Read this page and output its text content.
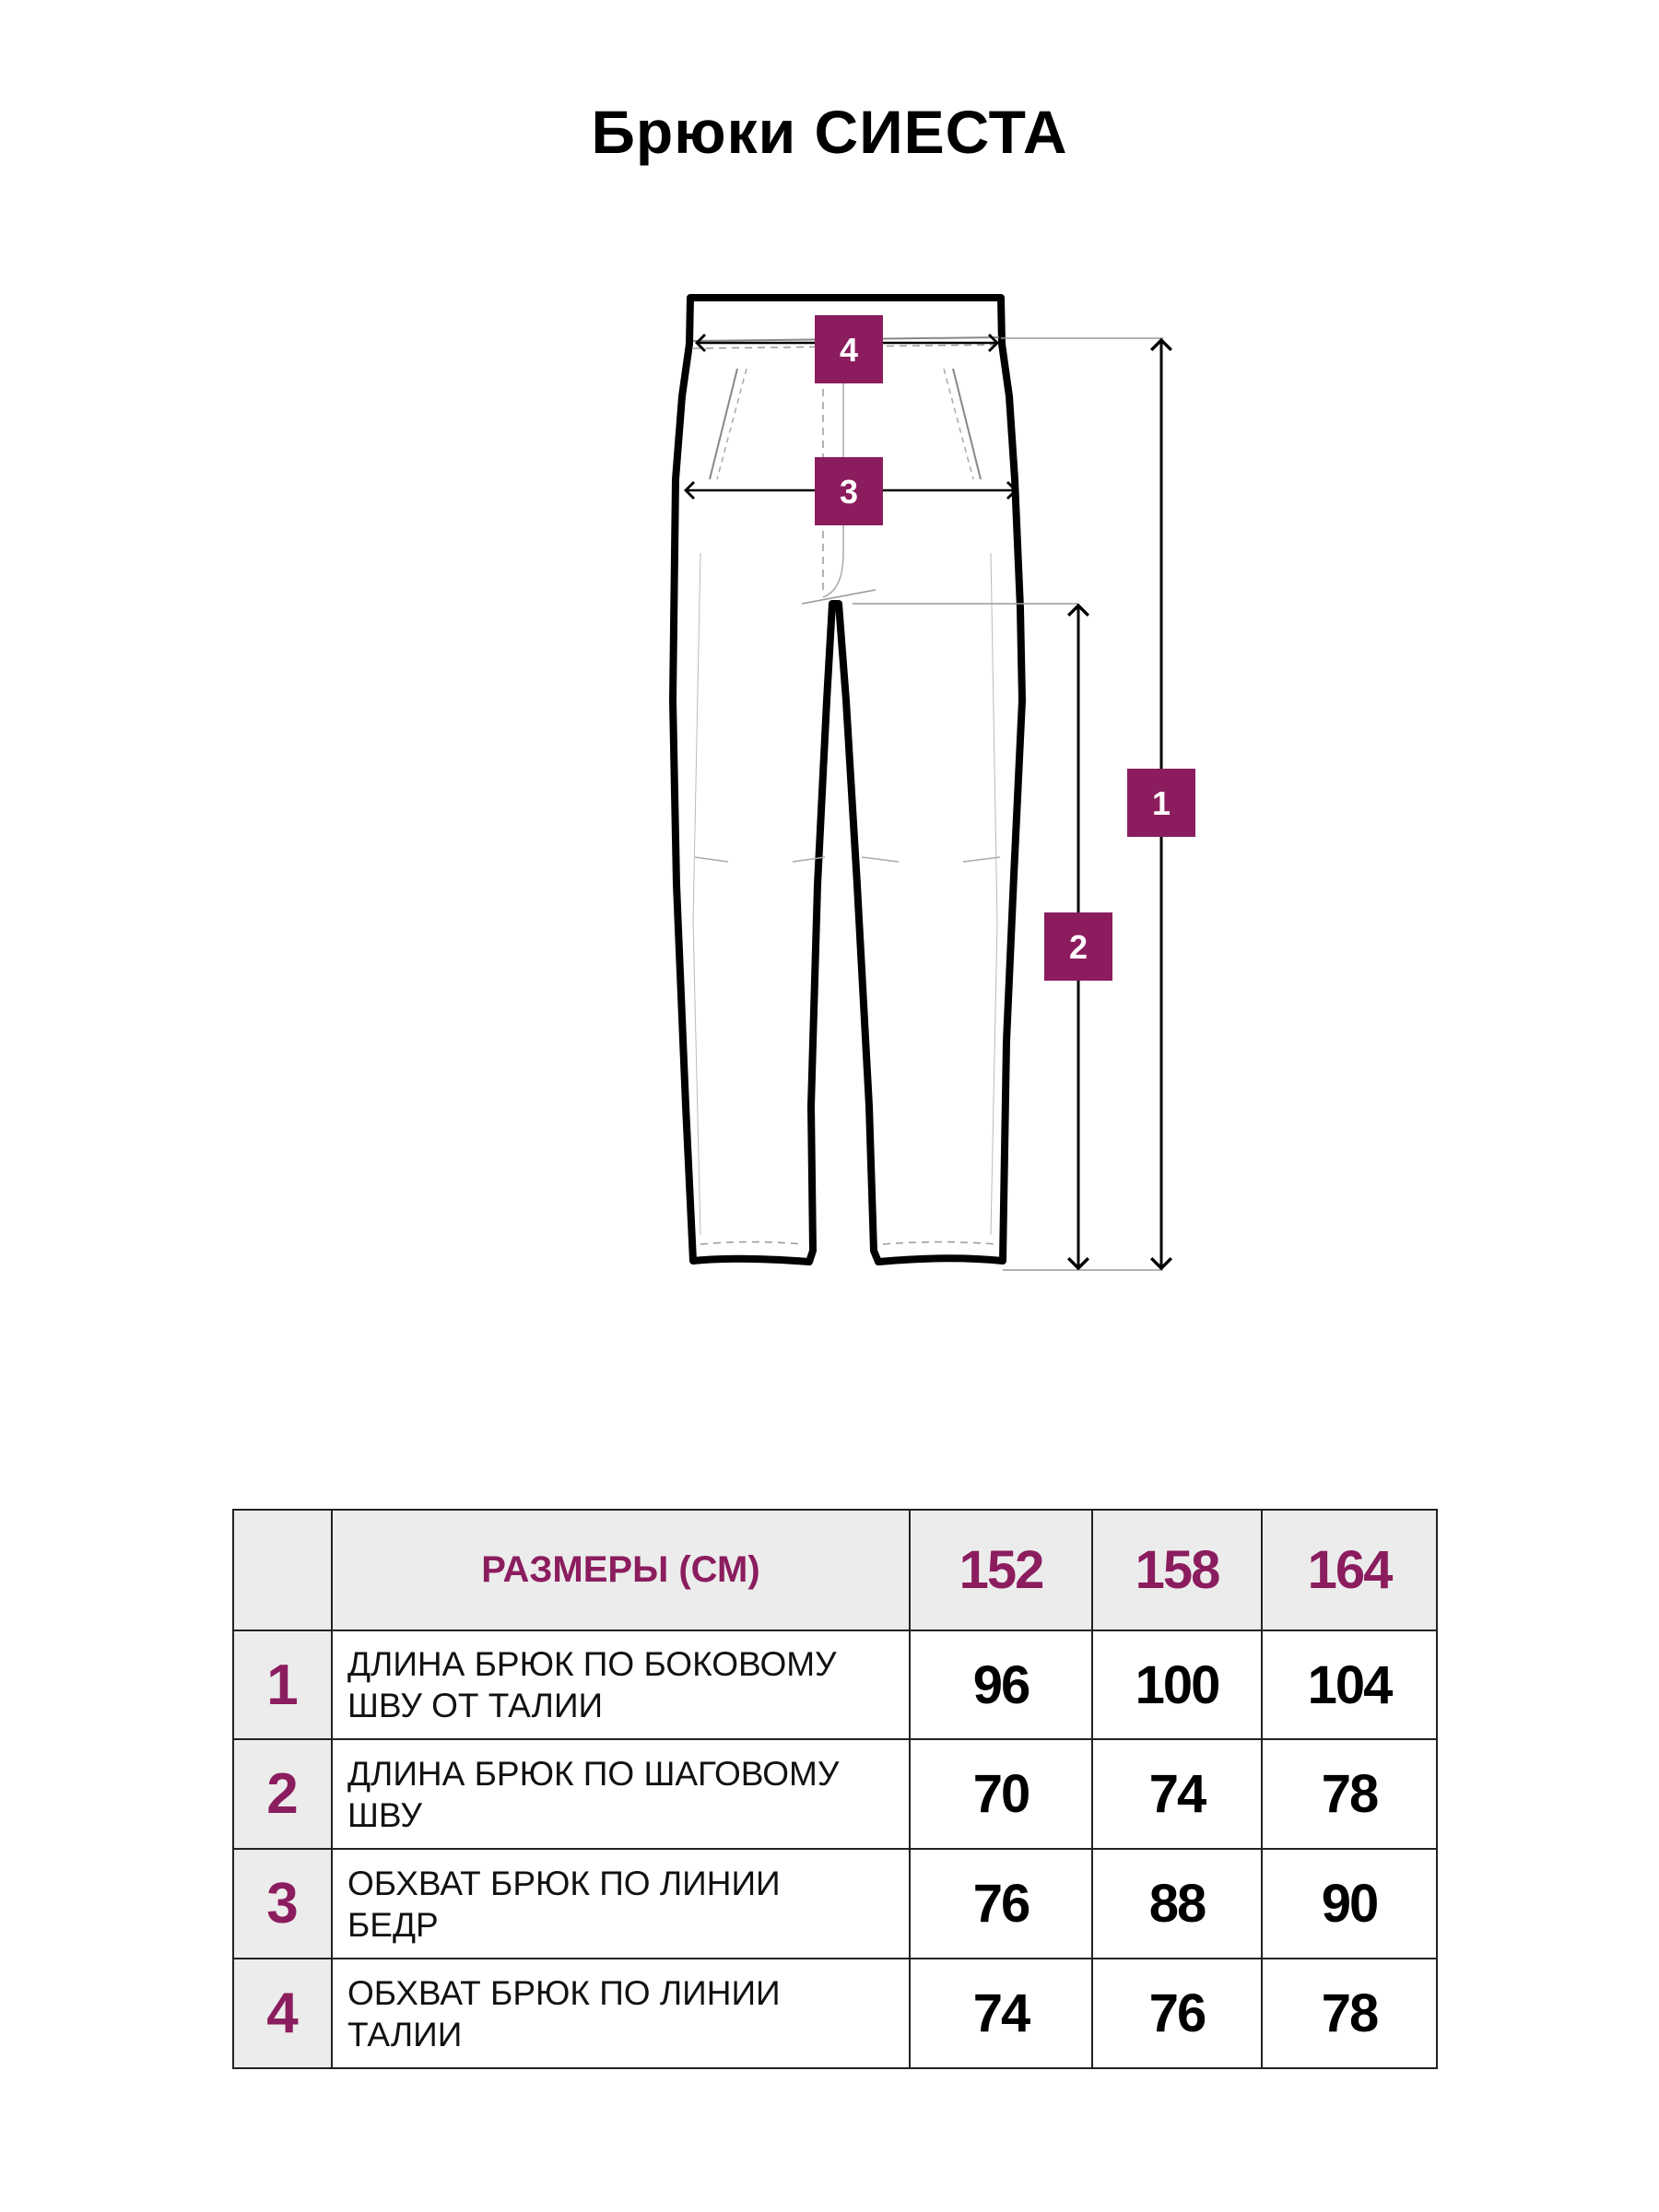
Брюки СИЕСТА
4
3
2
1
	РАЗМЕРЫ (СМ)	152	158	164
1	ДЛИНА БРЮК ПО БОКОВОМУ
ШВУ ОТ ТАЛИИ	96	100	104
2	ДЛИНА БРЮК ПО ШАГОВОМУ
ШВУ	70	74	78
3	ОБХВАТ БРЮК ПО ЛИНИИ
БЕДР	76	88	90
4	ОБХВАТ БРЮК ПО ЛИНИИ
ТАЛИИ	74	76	78
